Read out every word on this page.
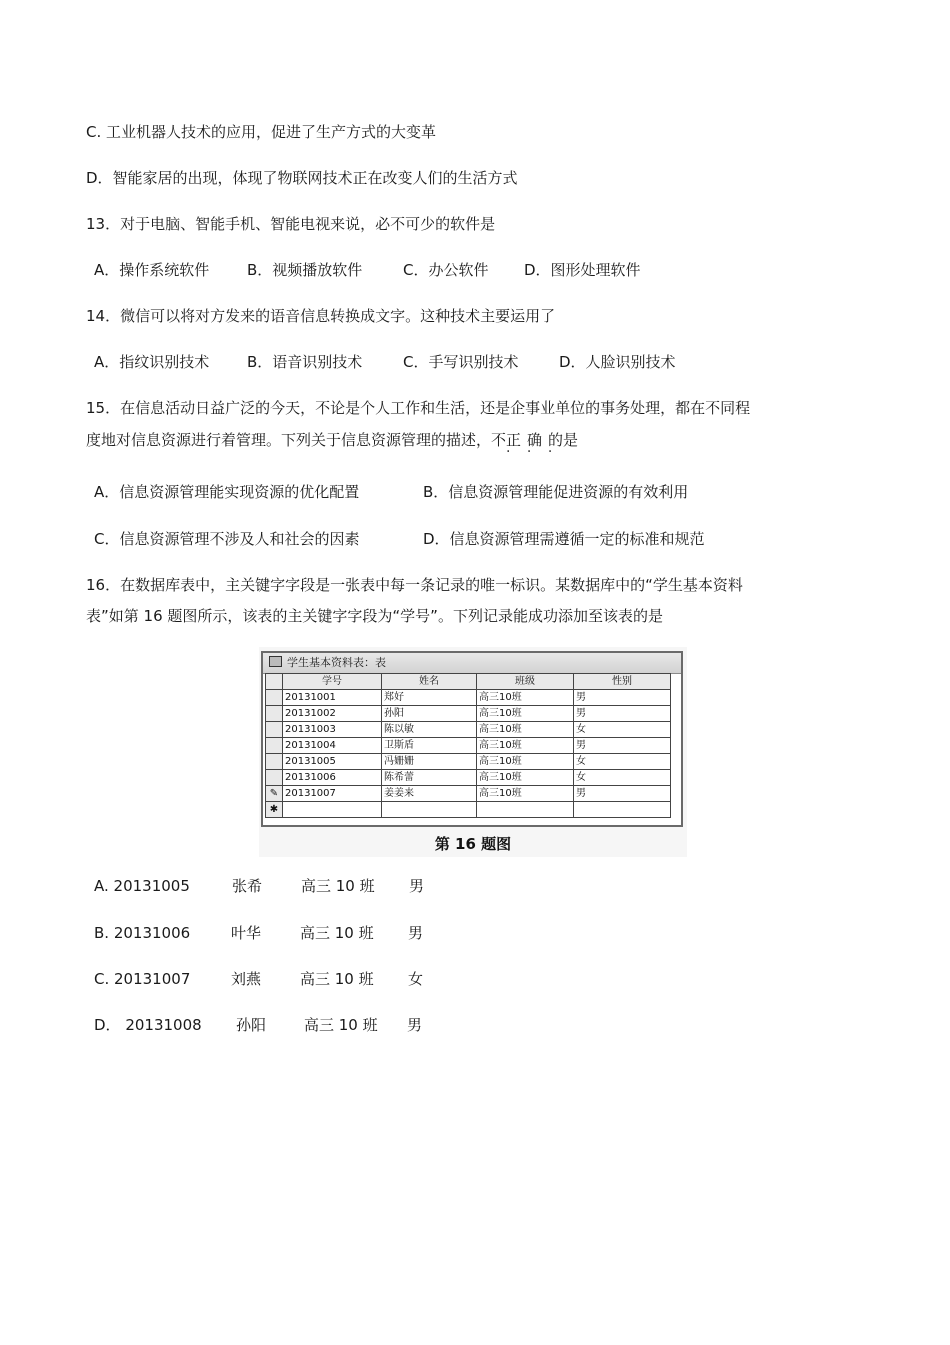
C. 工业机器人技术的应用，促进了生产方式的大变革
D．智能家居的出现，体现了物联网技术正在改变人们的生活方式
13．对于电脑、智能手机、智能电视来说，必不可少的软件是
A．操作系统软件	B．视频播放软件	C．办公软件 D．图形处理软件
14．微信可以将对方发来的语音信息转换成文字。这种技术主要运用了
A．指纹识别技术	B．语音识别技术	C．手写识别技术	D．人脸识别技术
15．在信息活动日益广泛的今天，不论是个人工作和生活，还是企事业单位的事务处理，都在不同程
度地对信息资源进行着管理。下列关于信息资源管理的描述，不正确 · · ·的是
A．信息资源管理能实现资源的优化配置	B．信息资源管理能促进资源的有效利用
C．信息资源管理不涉及人和社会的因素	D．信息资源管理需遵循一定的标准和规范
16．在数据库表中，主关键字字段是一张表中每一条记录的唯一标识。某数据库中的“学生基本资料
表”如第 16 题图所示，该表的主关键字字段为“学号”。下列记录能成功添加至该表的是
学生基本资料表：表
	学号	姓名	班级	性别
	20131001	郑好	高三10班	男
	20131002	孙阳	高三10班	男
	20131003	陈以敏	高三10班	女
	20131004	卫斯盾	高三10班	男
	20131005	冯姗姗	高三10班	女
	20131006	陈希蕾	高三10班	女
✎	20131007	姜姜来	高三10班	男
✱				
第 16 题图
A. 20131005	张希	高三 10 班 男
B. 20131006	叶华	高三 10 班 男
C. 20131007	刘燕	高三 10 班 女
D． 20131008 孙阳	高三 10 班 男
